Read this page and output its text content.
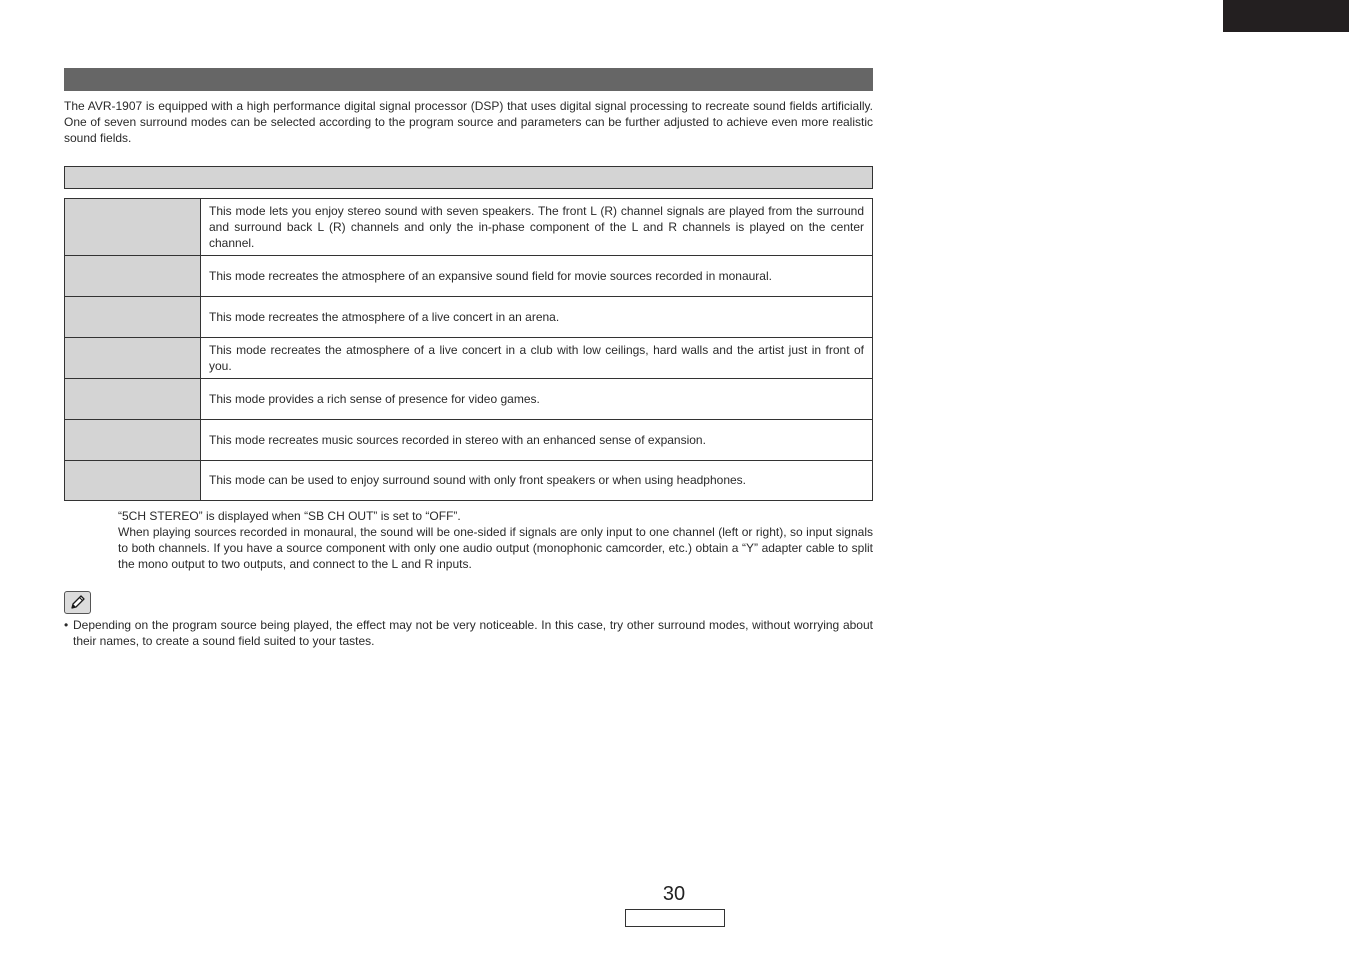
The AVR-1907 is equipped with a high performance digital signal processor (DSP) that uses digital signal processing to recreate sound fields artificially. One of seven surround modes can be selected according to the program source and parameters can be further adjusted to achieve even more realistic sound fields.

	This mode lets you enjoy stereo sound with seven speakers. The front L (R) channel signals are played from the surround and surround back L (R) channels and only the in-phase component of the L and R channels is played on the center channel.
	This mode recreates the atmosphere of an expansive sound field for movie sources recorded in monaural.
	This mode recreates the atmosphere of a live concert in an arena.
	This mode recreates the atmosphere of a live concert in a club with low ceilings, hard walls and the artist just in front of you.
	This mode provides a rich sense of presence for video games.
	This mode recreates music sources recorded in stereo with an enhanced sense of expansion.
	This mode can be used to enjoy surround sound with only front speakers or when using headphones.

“5CH STEREO” is displayed when “SB CH OUT” is set to “OFF”.

When playing sources recorded in monaural, the sound will be one-sided if signals are only input to one channel (left or right), so input signals to both channels. If you have a source component with only one audio output (monophonic camcorder, etc.) obtain a “Y” adapter cable to split the mono output to two outputs, and connect to the L and R inputs.

• Depending on the program source being played, the effect may not be very noticeable. In this case, try other surround modes, without worrying about their names, to create a sound field suited to your tastes.
30
